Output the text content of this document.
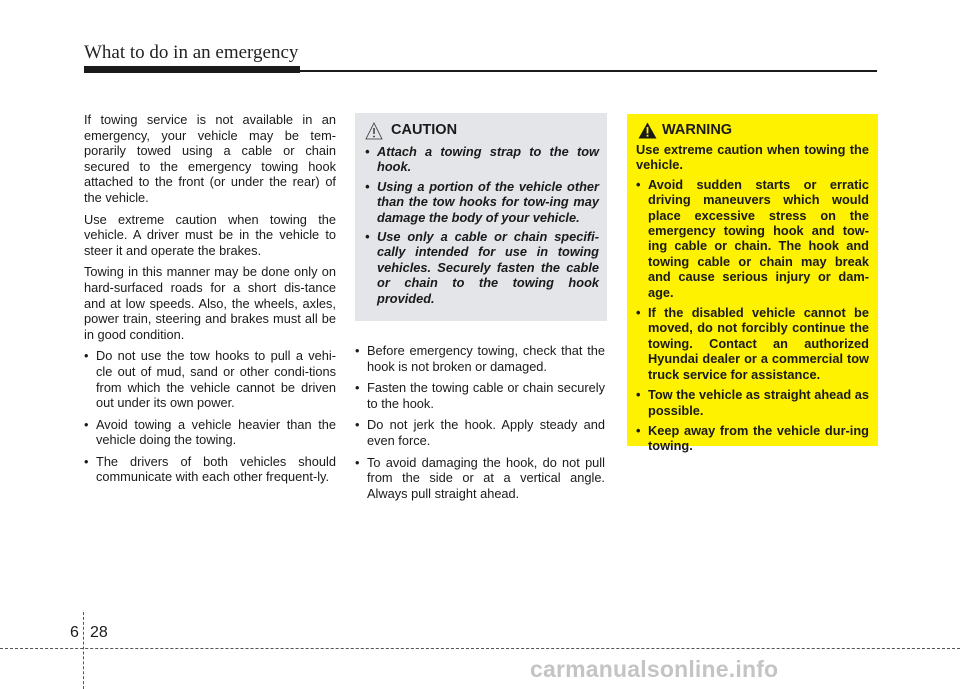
What to do in an emergency

If towing service is not available in an emergency, your vehicle may be tem-porarily towed using a cable or chain secured to the emergency towing hook attached to the front (or under the rear) of the vehicle.

Use extreme caution when towing the vehicle. A driver must be in the vehicle to steer it and operate the brakes.

Towing in this manner may be done only on hard-surfaced roads for a short dis-tance and at low speeds. Also, the wheels, axles, power train, steering and brakes must all be in good condition.

• Do not use the tow hooks to pull a vehi-cle out of mud, sand or other condi-tions from which the vehicle cannot be driven out under its own power.
• Avoid towing a vehicle heavier than the vehicle doing the towing.
• The drivers of both vehicles should communicate with each other frequent-ly.
CAUTION
• Attach a towing strap to the tow hook.
• Using a portion of the vehicle other than the tow hooks for tow-ing may damage the body of your vehicle.
• Use only a cable or chain specifi-cally intended for use in towing vehicles. Securely fasten the cable or chain to the towing hook provided.
• Before emergency towing, check that the hook is not broken or damaged.
• Fasten the towing cable or chain securely to the hook.
• Do not jerk the hook. Apply steady and even force.
• To avoid damaging the hook, do not pull from the side or at a vertical angle. Always pull straight ahead.
WARNING

Use extreme caution when towing the vehicle.

• Avoid sudden starts or erratic driving maneuvers which would place excessive stress on the emergency towing hook and tow-ing cable or chain. The hook and towing cable or chain may break and cause serious injury or dam-age.
• If the disabled vehicle cannot be moved, do not forcibly continue the towing. Contact an authorized Hyundai dealer or a commercial tow truck service for assistance.
• Tow the vehicle as straight ahead as possible.
• Keep away from the vehicle dur-ing towing.
6 28
carmanualsonline.info
